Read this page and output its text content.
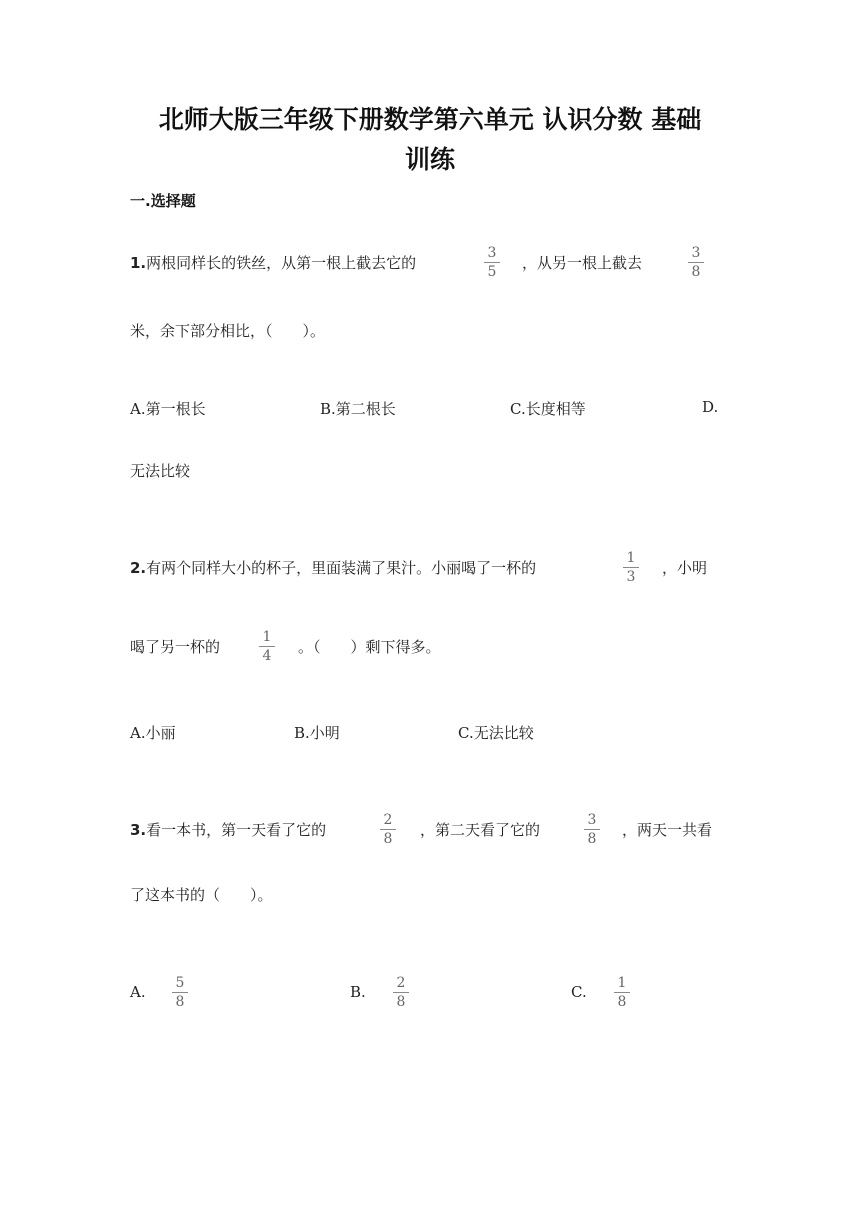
北师大版三年级下册数学第六单元 认识分数 基础
训练
一.选择题
1.两根同样长的铁丝，从第一根上截去它的
3
5	，从另一根上截去
3
8
米，余下部分相比，（　　）。
A.第一根长	B.第二根长	C.长度相等	D.
无法比较
2.有两个同样大小的杯子，里面装满了果汁。小丽喝了一杯的
1
3	，小明
喝了另一杯的
1
4	。（　　）剩下得多。
A.小丽	B.小明	C.无法比较
3.看一本书，第一天看了它的
2
8	，第二天看了它的
3
8	，两天一共看
了这本书的（　　）。
A.	5
8
B.	2
8
C.	1
8
